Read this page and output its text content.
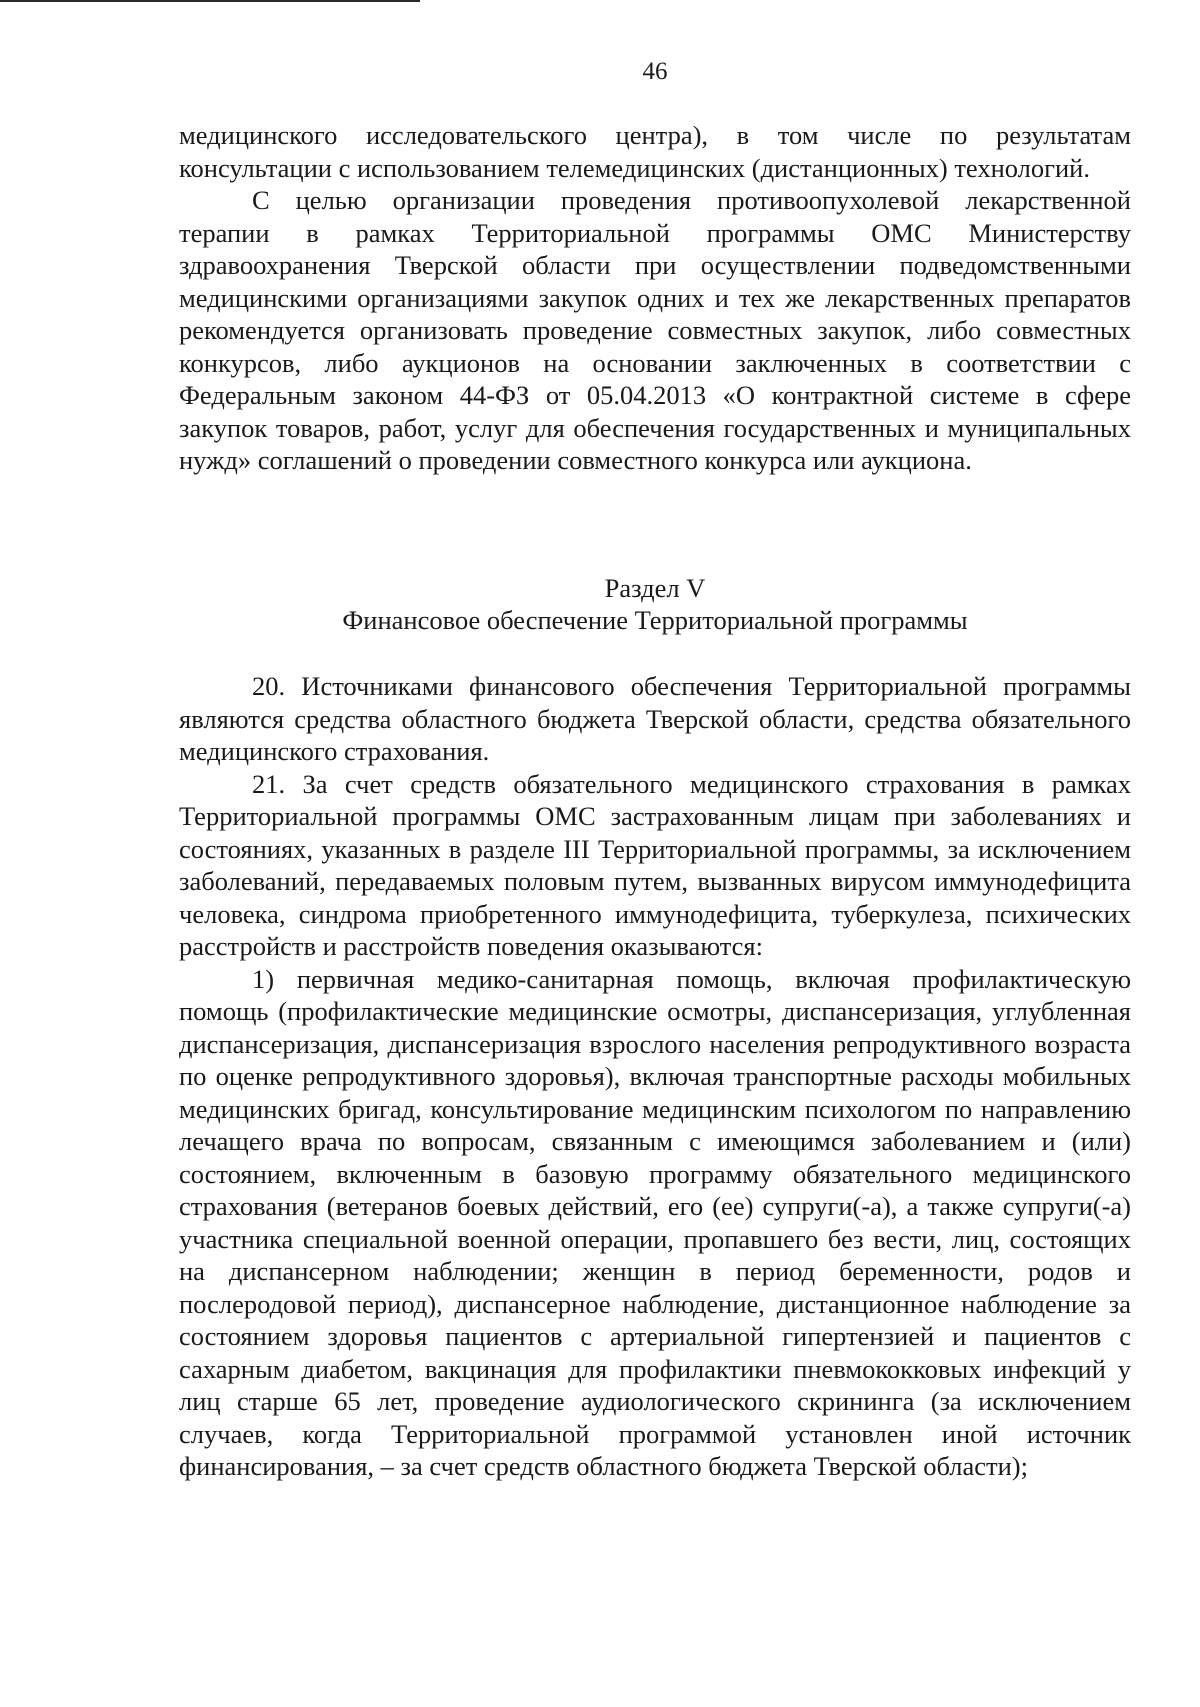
46

медицинского исследовательского центра), в том числе по результатам консультации с использованием телемедицинских (дистанционных) технологий.

С целью организации проведения противоопухолевой лекарственной терапии в рамках Территориальной программы ОМС Министерству здравоохранения Тверской области при осуществлении подведомственными медицинскими организациями закупок одних и тех же лекарственных препаратов рекомендуется организовать проведение совместных закупок, либо совместных конкурсов, либо аукционов на основании заключенных в соответствии с Федеральным законом 44-ФЗ от 05.04.2013 «О контрактной системе в сфере закупок товаров, работ, услуг для обеспечения государственных и муниципальных нужд» соглашений о проведении совместного конкурса или аукциона.

Раздел V
Финансовое обеспечение Территориальной программы

20. Источниками финансового обеспечения Территориальной программы являются средства областного бюджета Тверской области, средства обязательного медицинского страхования.

21. За счет средств обязательного медицинского страхования в рамках Территориальной программы ОМС застрахованным лицам при заболеваниях и состояниях, указанных в разделе III Территориальной программы, за исключением заболеваний, передаваемых половым путем, вызванных вирусом иммунодефицита человека, синдрома приобретенного иммунодефицита, туберкулеза, психических расстройств и расстройств поведения оказываются:

1) первичная медико-санитарная помощь, включая профилактическую помощь (профилактические медицинские осмотры, диспансеризация, углубленная диспансеризация, диспансеризация взрослого населения репродуктивного возраста по оценке репродуктивного здоровья), включая транспортные расходы мобильных медицинских бригад, консультирование медицинским психологом по направлению лечащего врача по вопросам, связанным с имеющимся заболеванием и (или) состоянием, включенным в базовую программу обязательного медицинского страхования (ветеранов боевых действий, его (ее) супруги(-а), а также супруги(-а) участника специальной военной операции, пропавшего без вести, лиц, состоящих на диспансерном наблюдении; женщин в период беременности, родов и послеродовой период), диспансерное наблюдение, дистанционное наблюдение за состоянием здоровья пациентов с артериальной гипертензией и пациентов с сахарным диабетом, вакцинация для профилактики пневмококковых инфекций у лиц старше 65 лет, проведение аудиологического скрининга (за исключением случаев, когда Территориальной программой установлен иной источник финансирования, – за счет средств областного бюджета Тверской области);
